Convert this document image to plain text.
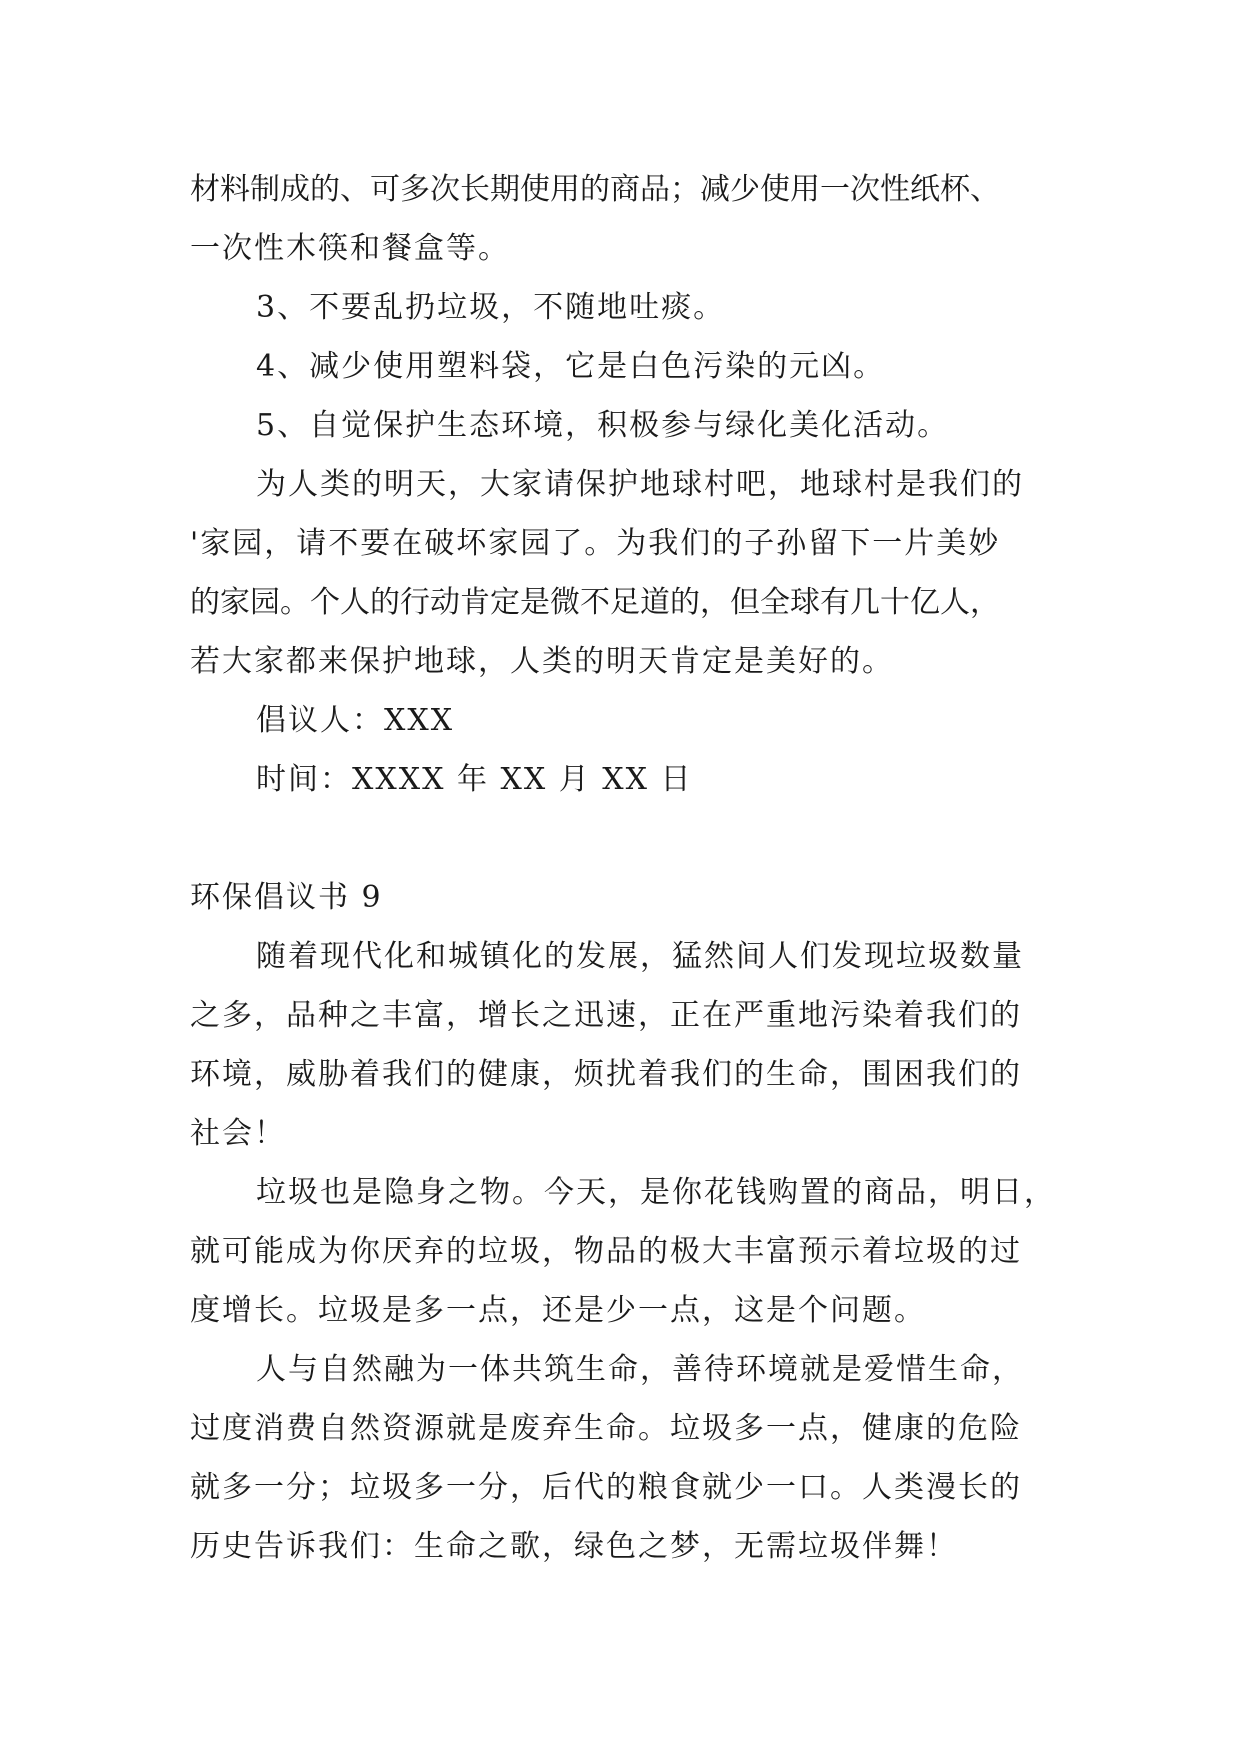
材料制成的、可多次长期使用的商品；减少使用一次性纸杯、
一次性木筷和餐盒等。
3、不要乱扔垃圾，不随地吐痰。
4、减少使用塑料袋，它是白色污染的元凶。
5、自觉保护生态环境，积极参与绿化美化活动。
为人类的明天，大家请保护地球村吧，地球村是我们的
'家园，请不要在破坏家园了。为我们的子孙留下一片美妙
的家园。个人的行动肯定是微不足道的，但全球有几十亿人，
若大家都来保护地球，人类的明天肯定是美好的。
倡议人：XXX
时间：XXXX 年 XX 月 XX 日
环保倡议书 9
随着现代化和城镇化的发展，猛然间人们发现垃圾数量
之多，品种之丰富，增长之迅速，正在严重地污染着我们的
环境，威胁着我们的健康，烦扰着我们的生命，围困我们的
社会！
垃圾也是隐身之物。今天，是你花钱购置的商品，明日，
就可能成为你厌弃的垃圾，物品的极大丰富预示着垃圾的过
度增长。垃圾是多一点，还是少一点，这是个问题。
人与自然融为一体共筑生命，善待环境就是爱惜生命，
过度消费自然资源就是废弃生命。垃圾多一点，健康的危险
就多一分；垃圾多一分，后代的粮食就少一口。人类漫长的
历史告诉我们：生命之歌，绿色之梦，无需垃圾伴舞！
